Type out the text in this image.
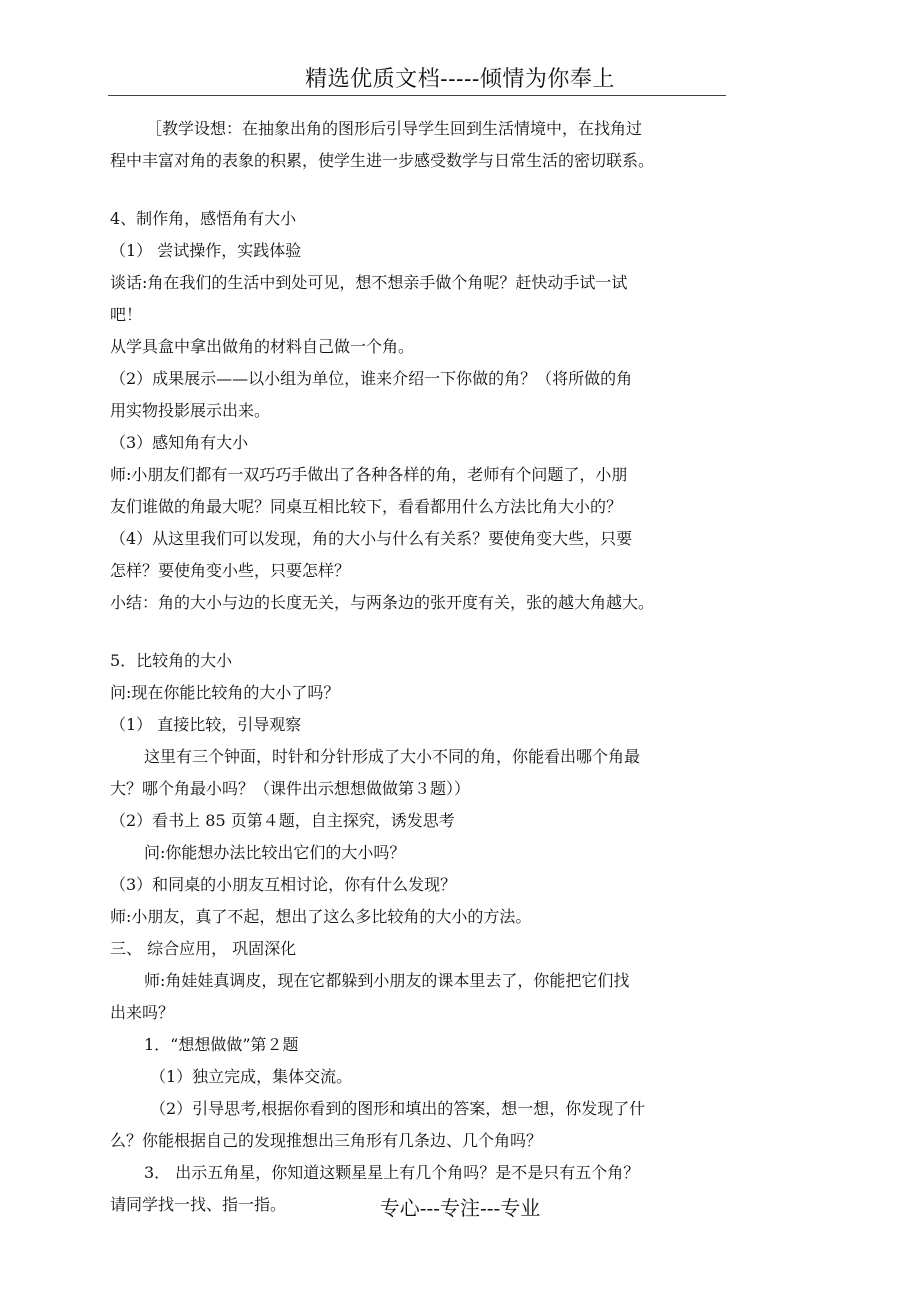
精选优质文档-----倾情为你奉上
［教学设想：在抽象出角的图形后引导学生回到生活情境中，在找角过
程中丰富对角的表象的积累，使学生进一步感受数学与日常生活的密切联系。
4、制作角，感悟角有大小
（1） 尝试操作，实践体验
谈话:角在我们的生活中到处可见，想不想亲手做个角呢？赶快动手试一试
吧！
从学具盒中拿出做角的材料自己做一个角。
（2）成果展示——以小组为单位，谁来介绍一下你做的角？（将所做的角
用实物投影展示出来。
（3）感知角有大小
师:小朋友们都有一双巧巧手做出了各种各样的角，老师有个问题了，小朋
友们谁做的角最大呢？同桌互相比较下，看看都用什么方法比角大小的？
（4）从这里我们可以发现，角的大小与什么有关系？要使角变大些，只要
怎样？要使角变小些，只要怎样？
小结：角的大小与边的长度无关，与两条边的张开度有关，张的越大角越大。
5．比较角的大小
问:现在你能比较角的大小了吗？
（1） 直接比较，引导观察
这里有三个钟面，时针和分针形成了大小不同的角，你能看出哪个角最
大？哪个角最小吗？（课件出示想想做做第３题））
（2）看书上 85 页第４题，自主探究，诱发思考
问:你能想办法比较出它们的大小吗？
（3）和同桌的小朋友互相讨论，你有什么发现？
师:小朋友，真了不起，想出了这么多比较角的大小的方法。
三、 综合应用， 巩固深化
师:角娃娃真调皮，现在它都躲到小朋友的课本里去了，你能把它们找
出来吗？
1．“想想做做”第２题
（1）独立完成，集体交流。
（2）引导思考,根据你看到的图形和填出的答案，想一想，你发现了什
么？你能根据自己的发现推想出三角形有几条边、几个角吗？
3． 出示五角星，你知道这颗星星上有几个角吗？是不是只有五个角？
请同学找一找、指一指。	专心---专注---专业
